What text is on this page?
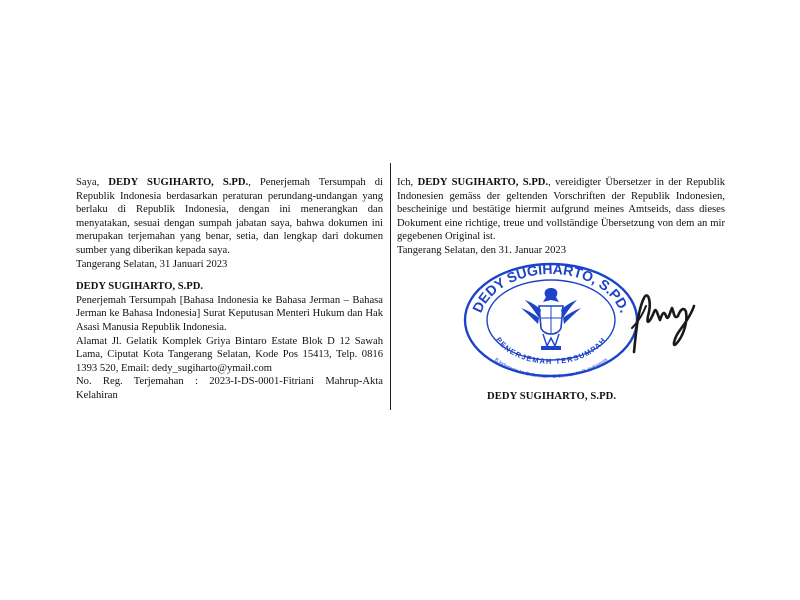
Saya, DEDY SUGIHARTO, S.PD., Penerjemah Tersumpah di Republik Indonesia berdasarkan peraturan perundang-undangan yang berlaku di Republik Indonesia, dengan ini menerangkan dan menyatakan, sesuai dengan sumpah jabatan saya, bahwa dokumen ini merupakan terjemahan yang benar, setia, dan lengkap dari dokumen sumber yang diberikan kepada saya.
Tangerang Selatan, 31 Januari 2023
DEDY SUGIHARTO, S.PD.
Penerjemah Tersumpah [Bahasa Indonesia ke Bahasa Jerman – Bahasa Jerman ke Bahasa Indonesia] Surat Keputusan Menteri Hukum dan Hak Asasi Manusia Republik Indonesia.
Alamat Jl. Gelatik Komplek Griya Bintaro Estate Blok D 12 Sawah Lama, Ciputat Kota Tangerang Selatan, Kode Pos 15413, Telp. 0816 1393 520, Email: dedy_sugiharto@ymail.com
No. Reg. Terjemahan : 2023-I-DS-0001-Fitriani Mahrup-Akta Kelahiran
Ich, DEDY SUGIHARTO, S.PD., vereidigter Übersetzer in der Republik Indonesien gemäss der geltenden Vorschriften der Republik Indonesien, bescheinige und bestätige hiermit aufgrund meines Amtseids, dass dieses Dokument eine richtige, treue und vollständige Übersetzung von dem an mir gegebenen Original ist.
Tangerang Selatan, den 31. Januar 2023
DEDY SUGIHARTO, S.PD.
PENERJEMAH TERSUMPAH
B.Indonesia ke B. Jerman - B. Jerman ke B. Indonesia
DEDY SUGIHARTO, S.PD.
